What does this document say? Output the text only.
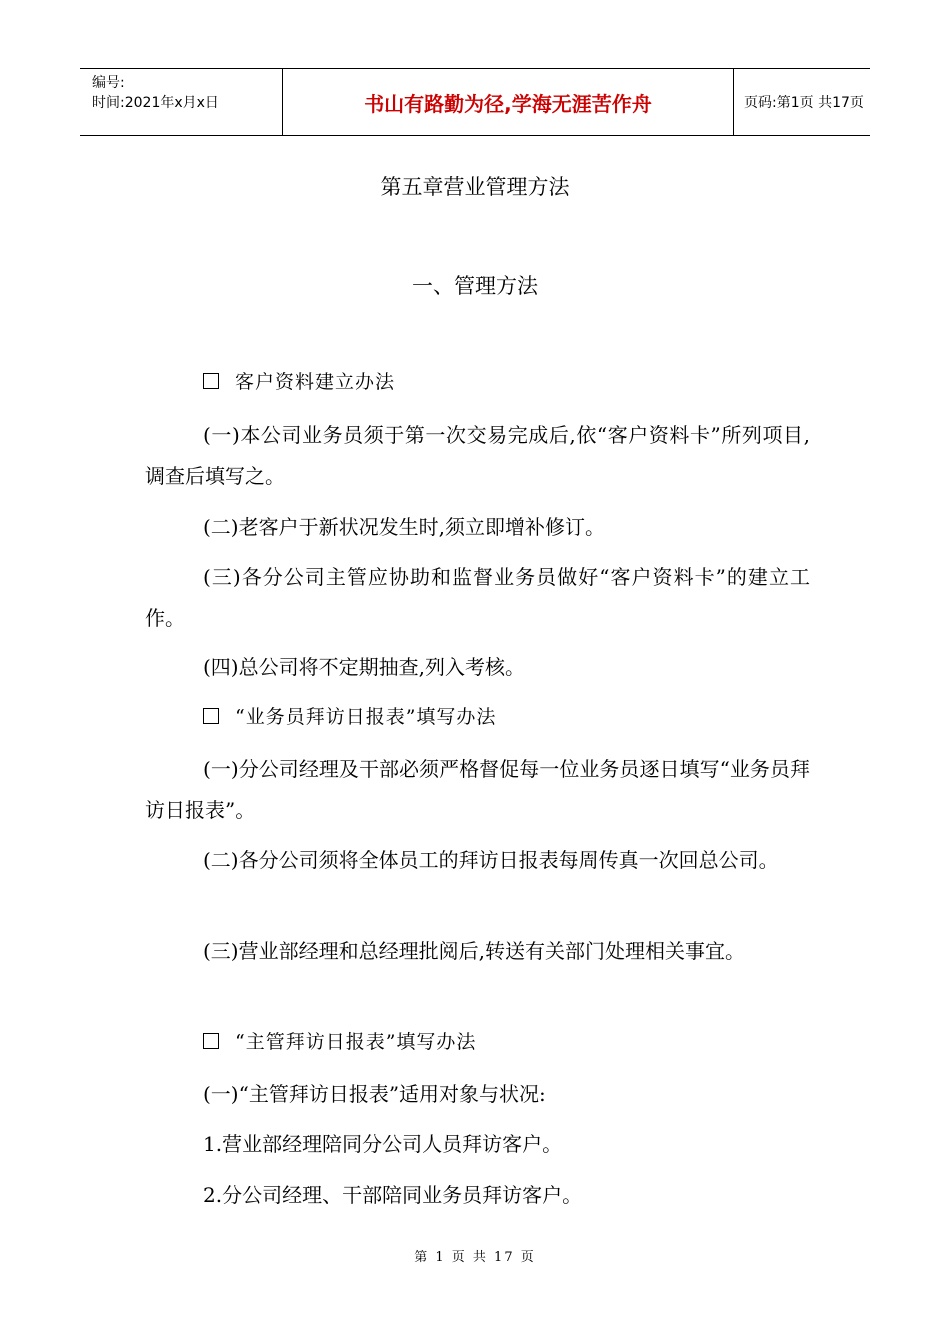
编号:
时间:2021年x月x日	书山有路勤为径,学海无涯苦作舟	页码:第1页 共17页
第五章营业管理方法
一、管理方法

客户资料建立办法

(一)本公司业务员须于第一次交易完成后,依“客户资料卡”所列项目,调查后填写之。

(二)老客户于新状况发生时,须立即增补修订。

(三)各分公司主管应协助和监督业务员做好“客户资料卡”的建立工作。

(四)总公司将不定期抽查,列入考核。

“业务员拜访日报表”填写办法

(一)分公司经理及干部必须严格督促每一位业务员逐日填写“业务员拜访日报表”。

(二)各分公司须将全体员工的拜访日报表每周传真一次回总公司。

(三)营业部经理和总经理批阅后,转送有关部门处理相关事宜。

“主管拜访日报表”填写办法

(一)“主管拜访日报表”适用对象与状况:

1.营业部经理陪同分公司人员拜访客户。

2.分公司经理、干部陪同业务员拜访客户。

第 1 页 共 17 页
